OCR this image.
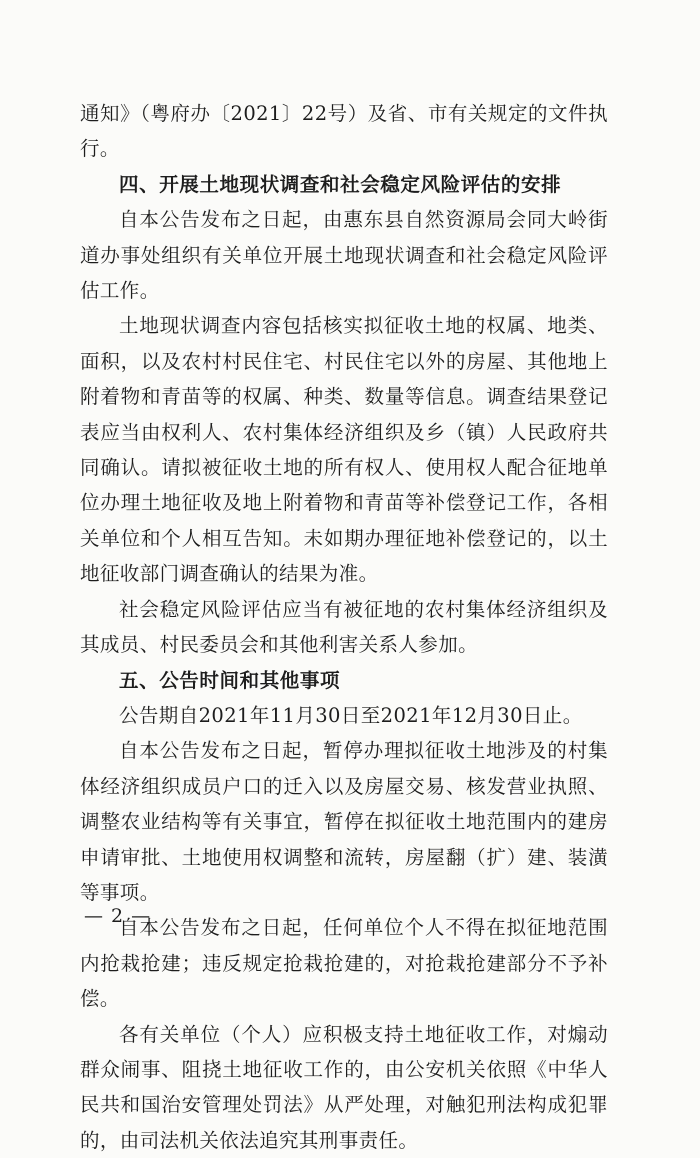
通知》（粤府办〔2021〕22号）及省、市有关规定的文件执行。

四、开展土地现状调查和社会稳定风险评估的安排

自本公告发布之日起，由惠东县自然资源局会同大岭街道办事处组织有关单位开展土地现状调查和社会稳定风险评估工作。

土地现状调查内容包括核实拟征收土地的权属、地类、面积，以及农村村民住宅、村民住宅以外的房屋、其他地上附着物和青苗等的权属、种类、数量等信息。调查结果登记表应当由权利人、农村集体经济组织及乡（镇）人民政府共同确认。请拟被征收土地的所有权人、使用权人配合征地单位办理土地征收及地上附着物和青苗等补偿登记工作，各相关单位和个人相互告知。未如期办理征地补偿登记的，以土地征收部门调查确认的结果为准。

社会稳定风险评估应当有被征地的农村集体经济组织及其成员、村民委员会和其他利害关系人参加。

五、公告时间和其他事项

公告期自2021年11月30日至2021年12月30日止。

自本公告发布之日起，暂停办理拟征收土地涉及的村集体经济组织成员户口的迁入以及房屋交易、核发营业执照、调整农业结构等有关事宜，暂停在拟征收土地范围内的建房申请审批、土地使用权调整和流转，房屋翻（扩）建、装潢等事项。

自本公告发布之日起，任何单位个人不得在拟征地范围内抢栽抢建；违反规定抢栽抢建的，对抢栽抢建部分不予补偿。

各有关单位（个人）应积极支持土地征收工作，对煽动群众闹事、阻挠土地征收工作的，由公安机关依照《中华人民共和国治安管理处罚法》从严处理，对触犯刑法构成犯罪的，由司法机关依法追究其刑事责任。

— 2 —
